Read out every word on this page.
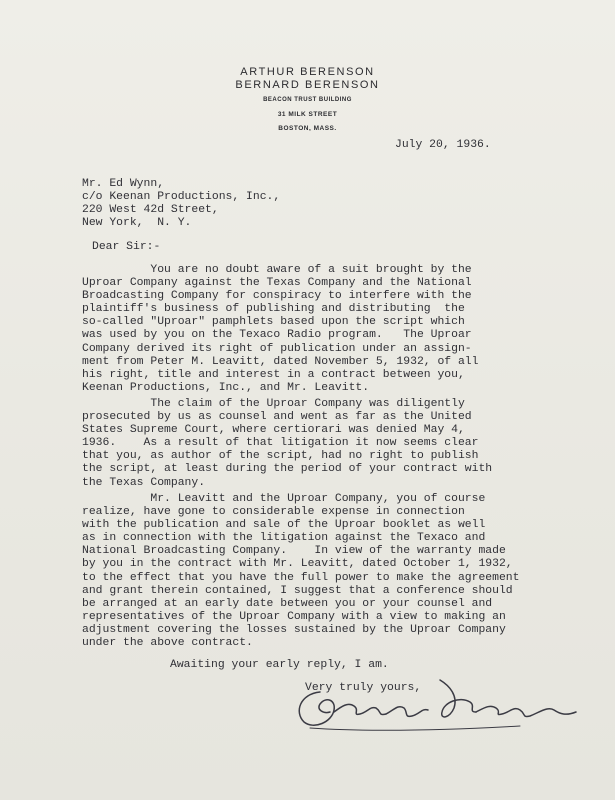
ARTHUR BERENSON
BERNARD BERENSON
BEACON TRUST BUILDING
31 MILK STREET
BOSTON, MASS.
July 20, 1936.
Mr. Ed Wynn,
c/o Keenan Productions, Inc.,
220 West 42d Street,
New York,  N. Y.
Dear Sir:-
You are no doubt aware of a suit brought by the
Uproar Company against the Texas Company and the National
Broadcasting Company for conspiracy to interfere with the
plaintiff's business of publishing and distributing  the
so-called "Uproar" pamphlets based upon the script which
was used by you on the Texaco Radio program.   The Uproar
Company derived its right of publication under an assign-
ment from Peter M. Leavitt, dated November 5, 1932, of all
his right, title and interest in a contract between you,
Keenan Productions, Inc., and Mr. Leavitt.
The claim of the Uproar Company was diligently
prosecuted by us as counsel and went as far as the United
States Supreme Court, where certiorari was denied May 4,
1936.    As a result of that litigation it now seems clear
that you, as author of the script, had no right to publish
the script, at least during the period of your contract with
the Texas Company.
Mr. Leavitt and the Uproar Company, you of course
realize, have gone to considerable expense in connection
with the publication and sale of the Uproar booklet as well
as in connection with the litigation against the Texaco and
National Broadcasting Company.    In view of the warranty made
by you in the contract with Mr. Leavitt, dated October 1, 1932,
to the effect that you have the full power to make the agreement
and grant therein contained, I suggest that a conference should
be arranged at an early date between you or your counsel and
representatives of the Uproar Company with a view to making an
adjustment covering the losses sustained by the Uproar Company
under the above contract.
Awaiting your early reply, I am.
Very truly yours,
